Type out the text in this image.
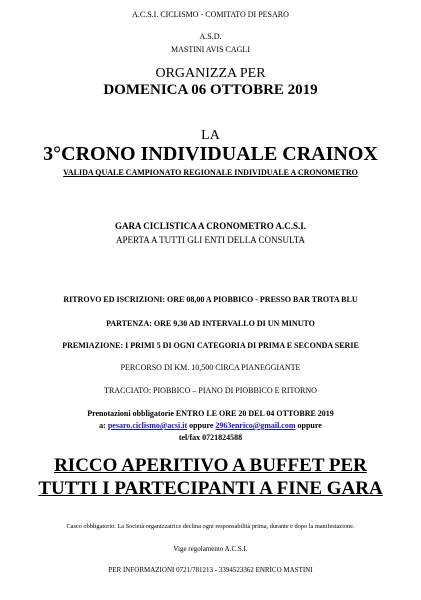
A.C.S.I. CICLISMO - COMITATO DI PESARO
A.S.D.
MASTINI AVIS CAGLI
ORGANIZZA PER
DOMENICA 06 OTTOBRE 2019
LA
3°CRONO INDIVIDUALE CRAINOX
VALIDA QUALE CAMPIONATO REGIONALE INDIVIDUALE A CRONOMETRO
GARA CICLISTICA A CRONOMETRO A.C.S.I.
APERTA A TUTTI GLI ENTI DELLA CONSULTA
RITROVO ED ISCRIZIONI: ORE 08,00 A PIOBBICO - PRESSO BAR TROTA BLU
PARTENZA: ORE 9,30 AD INTERVALLO DI UN MINUTO
PREMIAZIONE: I PRIMI 5 DI OGNI CATEGORIA DI PRIMA E SECONDA SERIE
PERCORSO DI KM. 10,500 CIRCA PIANEGGIANTE
TRACCIATO: PIOBBICO – PIANO DI PIOBBICO E RITORNO
Prenotazioni obbligatorie ENTRO LE ORE 20 DEL 04 OTTOBRE 2019
a: pesaro.ciclismo@acsi.it oppure 2963enrico@gmail.com oppure
tel/fax 0721824588
RICCO APERITIVO A BUFFET PER
TUTTI I PARTECIPANTI A FINE GARA
Casco obbligatorio. La Società organizzatrice declina ogni responsabilità prima, durante e dopo la manifestazione.
Vige regolamento A.C.S.I.
PER INFORMAZIONI 0721/781213 - 3394523362 ENRICO MASTINI
